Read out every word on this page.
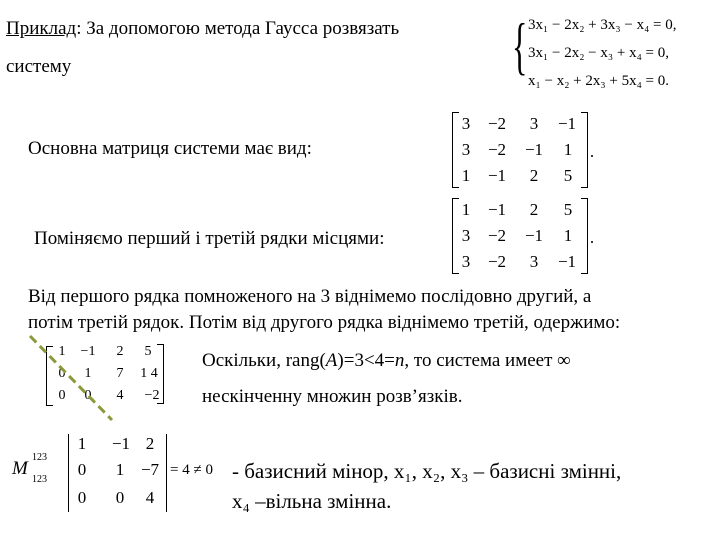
Приклад: За допомогою метода Гаусса розвязать
систему	{ 3x₁ − 2x₂ + 3x₃ − x₄ = 0,
3x₁ − 2x₂ − x₃ + x₄ = 0,
x₁ − x₂ + 2x₃ + 5x₄ = 0.
Основна матриця системи має вид:
3	−2	3	−1
3	−2	−1	1
1	−1	2	5
.
Поміняємо перший і третій рядки місцями:
1	−1	2	5
3	−2	−1	1
3	−2	3	−1
.
Від першого рядка помноженого на 3 віднімемо послідовно другий, а
потім третій рядок. Потім від другого рядка віднімемо третій, одержимо:
1	−1	2	5
0	1	7	1 4
0	0	4	−2
Оскільки, rang(A)=3<4=n, то система имеет ∞
нескінченну множин розв’язків.
M
123
123
1	−1 2
0	1 −7
0	0	4
= 4 ≠ 0 - базисний мінор, x₁, x₂, x₃ – базисні змінні,
x₄ –вільна змінна.
